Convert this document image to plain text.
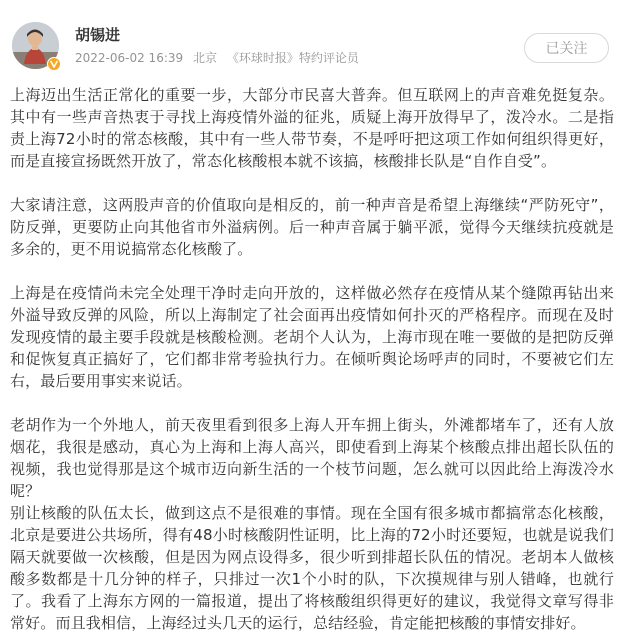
胡锡进
2022-06-02 16:39 北京 《环球时报》特约评论员
已关注

上海迈出生活正常化的重要一步，大部分市民喜大普奔。但互联网上的声音难免挺复杂。其中有一些声音热衷于寻找上海疫情外溢的征兆，质疑上海开放得早了，泼冷水。二是指责上海72小时的常态核酸，其中有一些人带节奏，不是呼吁把这项工作如何组织得更好，而是直接宣扬既然开放了，常态化核酸根本就不该搞，核酸排长队是“自作自受”。

大家请注意，这两股声音的价值取向是相反的，前一种声音是希望上海继续“严防死守”，防反弹，更要防止向其他省市外溢病例。后一种声音属于躺平派，觉得今天继续抗疫就是多余的，更不用说搞常态化核酸了。

上海是在疫情尚未完全处理干净时走向开放的，这样做必然存在疫情从某个缝隙再钻出来外溢导致反弹的风险，所以上海制定了社会面再出疫情如何扑灭的严格程序。而现在及时发现疫情的最主要手段就是核酸检测。老胡个人认为，上海市现在唯一要做的是把防反弹和促恢复真正搞好了，它们都非常考验执行力。在倾听舆论场呼声的同时，不要被它们左右，最后要用事实来说话。

老胡作为一个外地人，前天夜里看到很多上海人开车拥上街头，外滩都堵车了，还有人放烟花，我很是感动，真心为上海和上海人高兴，即使看到上海某个核酸点排出超长队伍的视频，我也觉得那是这个城市迈向新生活的一个枝节问题，怎么就可以因此给上海泼冷水呢？

别让核酸的队伍太长，做到这点不是很难的事情。现在全国有很多城市都搞常态化核酸，北京是要进公共场所，得有48小时核酸阴性证明，比上海的72小时还要短，也就是说我们隔天就要做一次核酸，但是因为网点设得多，很少听到排超长队伍的情况。老胡本人做核酸多数都是十几分钟的样子，只排过一次1个小时的队，下次摸规律与别人错峰，也就行了。我看了上海东方网的一篇报道，提出了将核酸组织得更好的建议，我觉得文章写得非常好。而且我相信，上海经过头几天的运行，总结经验，肯定能把核酸的事情安排好。
